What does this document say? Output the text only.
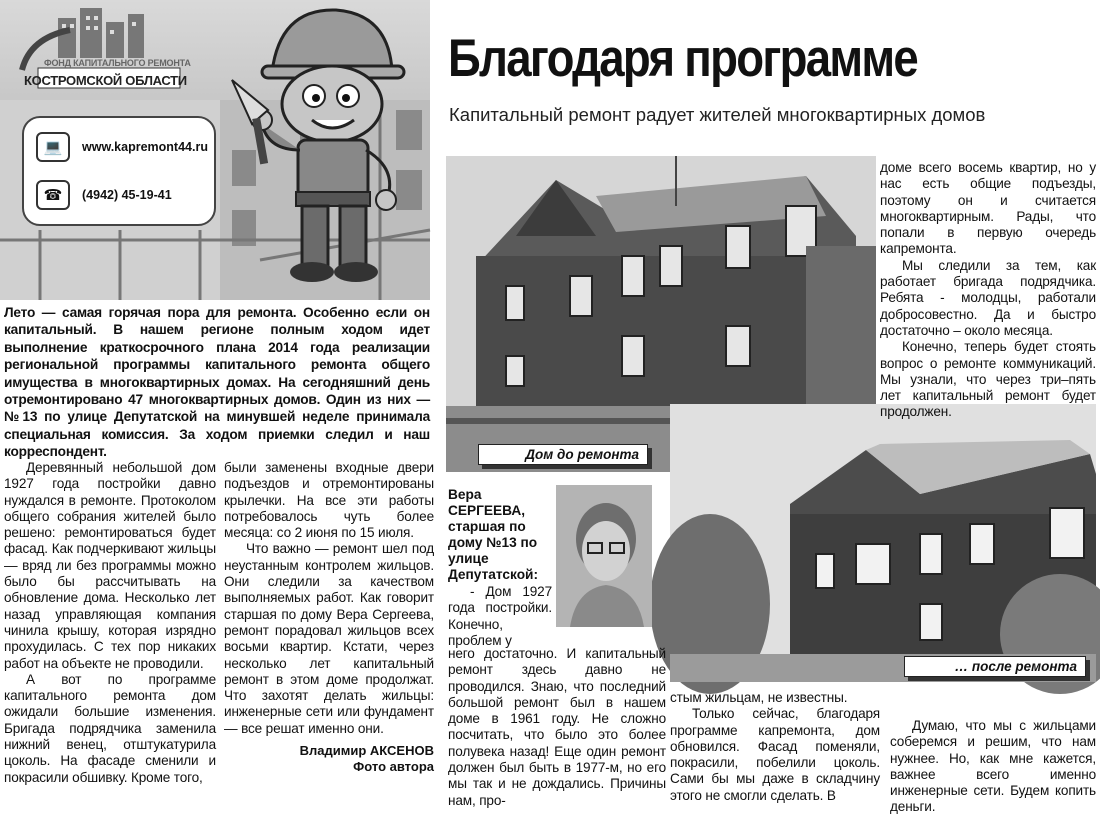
ФОНД КАПИТАЛЬНОГО РЕМОНТА
КОСТРОМСКОЙ ОБЛАСТИ
💻	www.kapremont44.ru
☎	(4942) 45-19-41
Благодаря программе
Капитальный ремонт радует жителей многоквартирных домов
Лето — самая горячая пора для ремонта. Особенно если он капитальный. В нашем регионе полным ходом идет выполнение краткосрочного плана 2014 года реализации региональной программы капитального ремонта общего имущества в многоквартирных домах. На сегодняшний день отремонтировано 47 многоквартирных домов. Один из них — №13 по улице Депутатской на минувшей неделе принимала специальная комиссия. За ходом приемки следил и наш корреспондент.

Деревянный небольшой дом 1927 года постройки давно нуждался в ремонте. Протоколом общего собрания жителей было решено: ремонтироваться будет фасад. Как подчеркивают жильцы — вряд ли без программы можно было бы рассчитывать на обновление дома. Несколько лет назад управляющая компания чинила крышу, которая изрядно прохудилась. С тех пор никаких работ на объекте не проводили.

А вот по программе капитального ремонта дом ожидали большие изменения. Бригада подрядчика заменила нижний венец, отштукатурила цоколь. На фасаде сменили и покрасили обшивку. Кроме того,

были заменены входные двери подъездов и отремонтированы крылечки. На все эти работы потребовалось чуть более месяца: со 2 июня по 15 июля.

Что важно — ремонт шел под неустанным контролем жильцов. Они следили за качеством выполняемых работ. Как говорит старшая по дому Вера Сергеева, ремонт порадовал жильцов всех восьми квартир. Кстати, через несколько лет капитальный ремонт в этом доме продолжат. Что захотят делать жильцы: инженерные сети или фундамент — все решат именно они.

Владимир АКСЕНОВ
Фото автора
Дом до ремонта
… после ремонта
Вера СЕРГЕЕВА, старшая по дому №13 по улице Депутатской:

- Дом 1927 года постройки. Конечно, проблем у

него достаточно. И капитальный ремонт здесь давно не проводился. Знаю, что последний большой ремонт был в нашем доме в 1961 году. Не сложно посчитать, что было это более полувека назад! Еще один ремонт должен был быть в 1977-м, но его мы так и не дождались. Причины нам, про-

доме всего восемь квартир, но у нас есть общие подъезды, поэтому он и считается многоквартирным. Рады, что попали в первую очередь капремонта.

Мы следили за тем, как работает бригада подрядчика. Ребята - молодцы, работали добросовестно. Да и быстро достаточно – около месяца.

Конечно, теперь будет стоять вопрос о ремонте коммуникаций. Мы узнали, что через три–пять лет капитальный ремонт будет продолжен.

стым жильцам, не известны.

Только сейчас, благодаря программе капремонта, дом обновился. Фасад поменяли, покрасили, побелили цоколь. Сами бы мы даже в складчину этого не смогли сделать. В

Думаю, что мы с жильцами соберемся и решим, что нам нужнее. Но, как мне кажется, важнее всего именно инженерные сети. Будем копить деньги.
